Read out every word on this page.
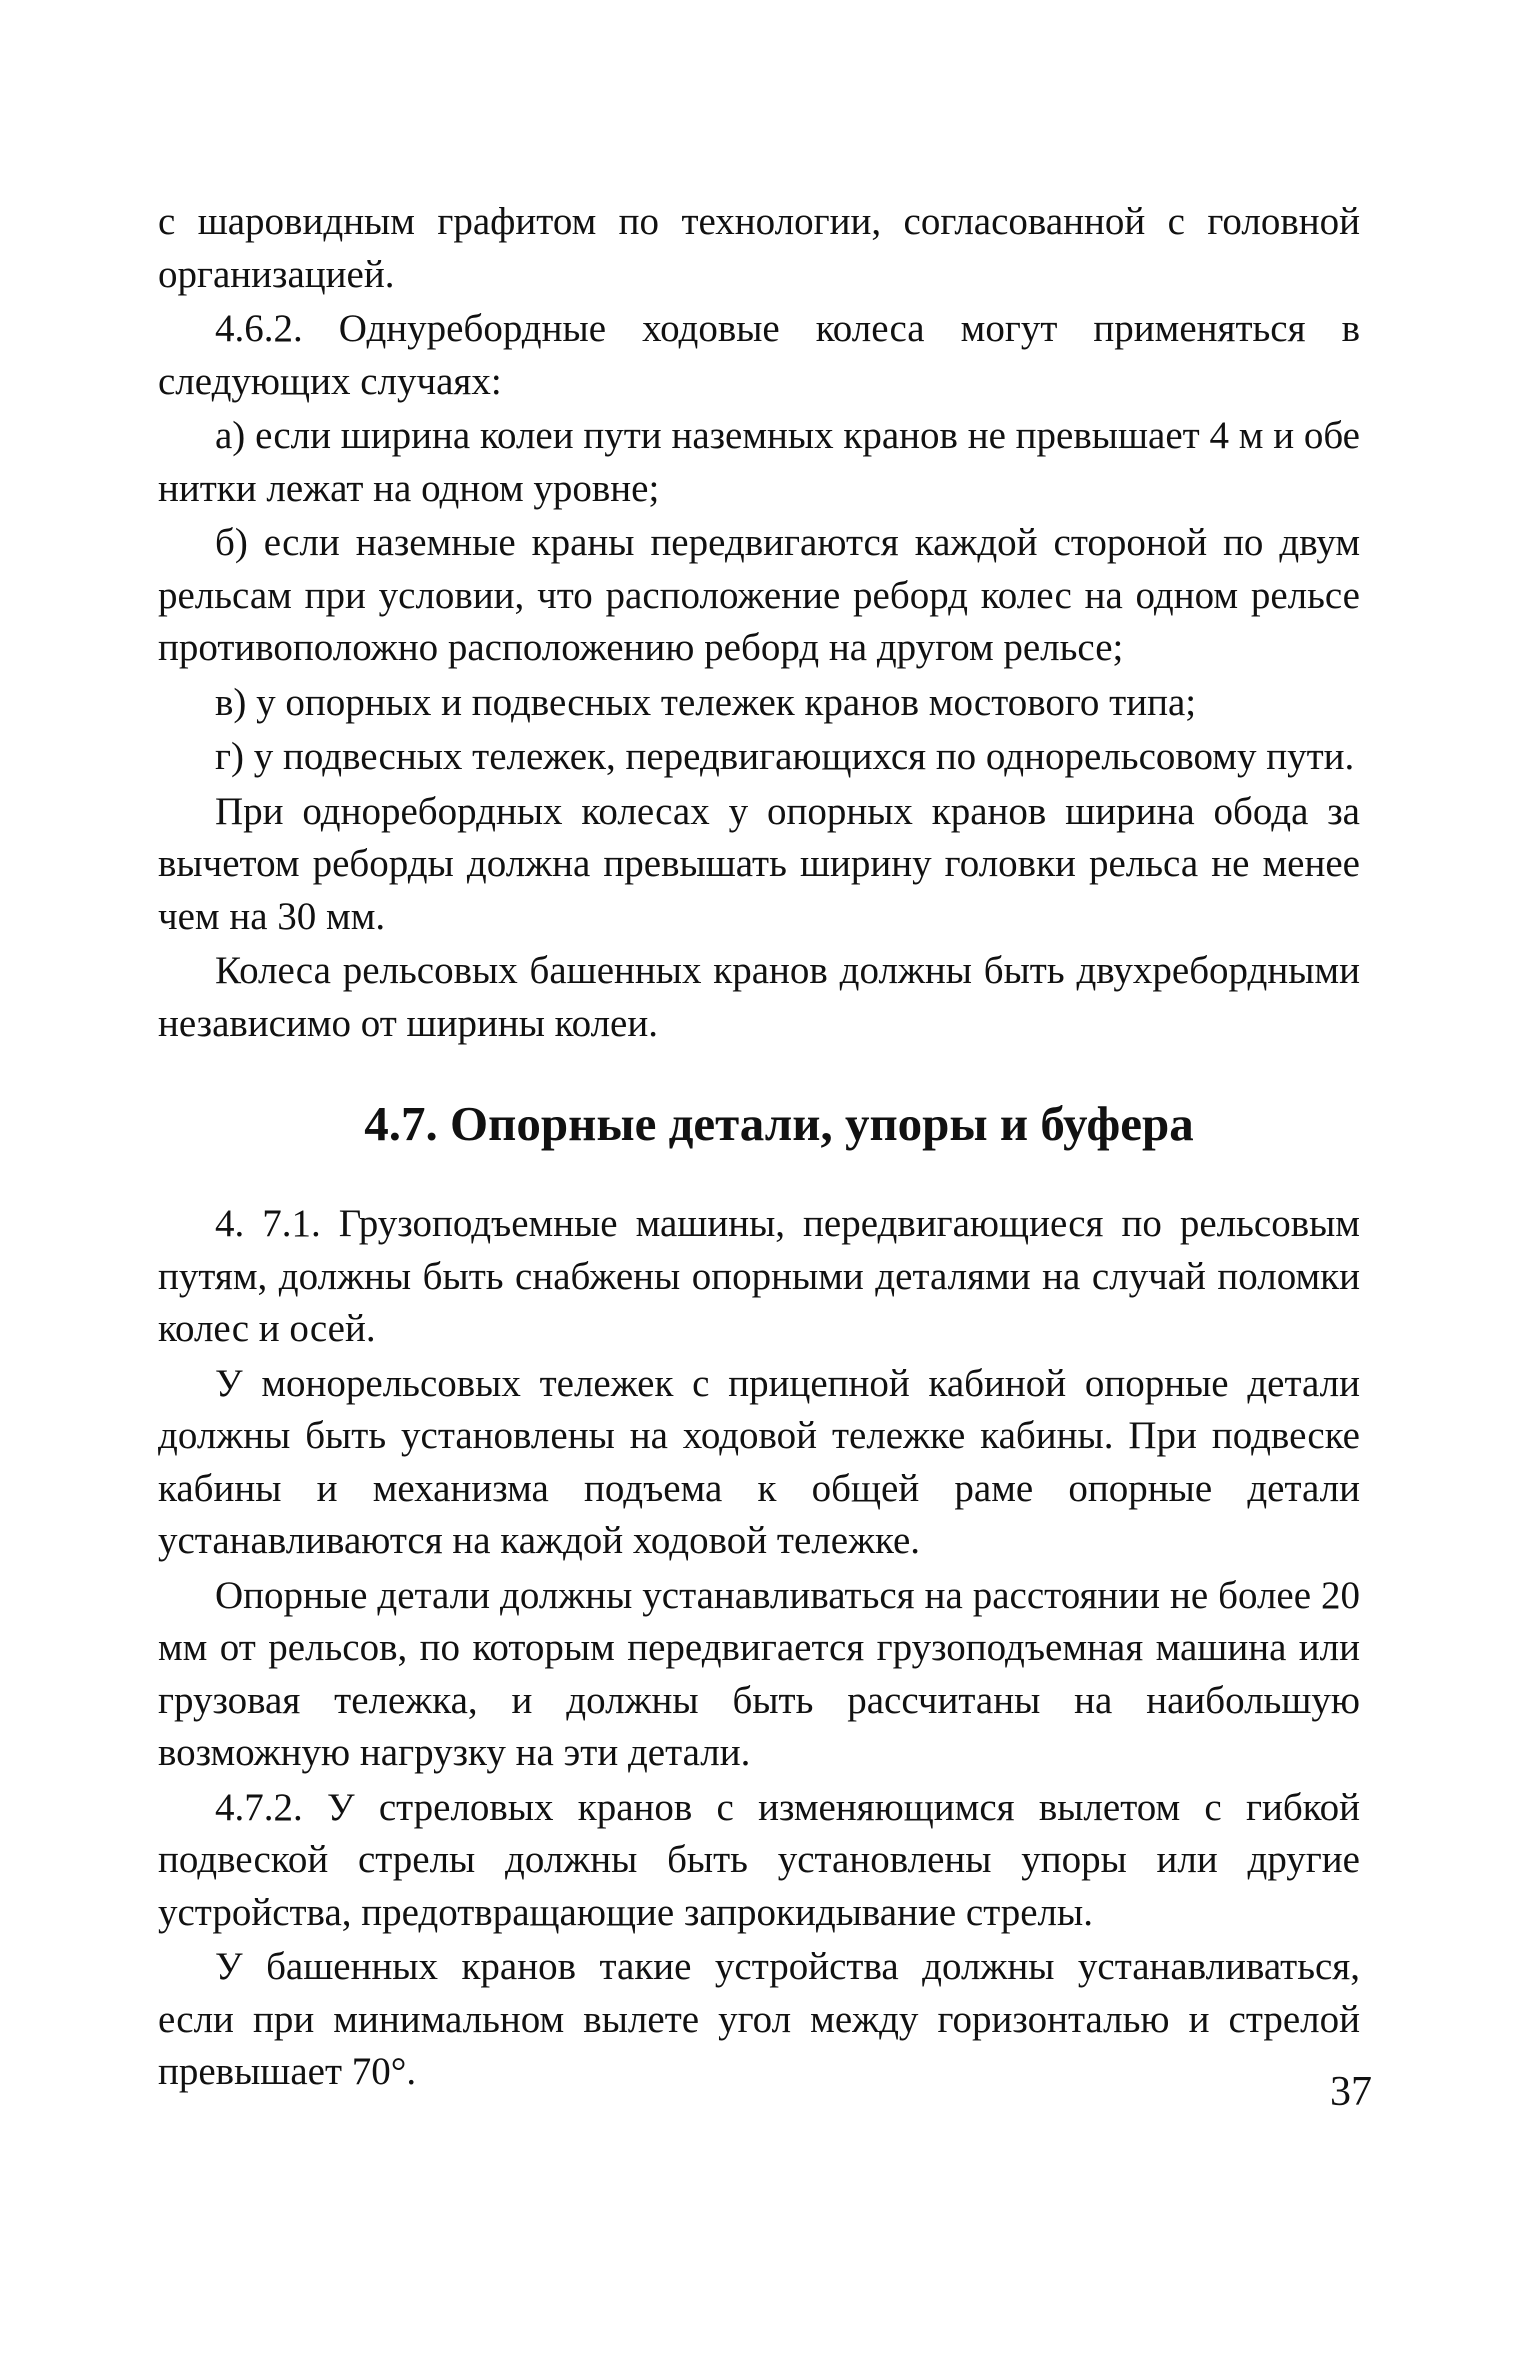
с шаровидным графитом по технологии, согласованной с головной организацией.

4.6.2. Однуребордные ходовые колеса могут применяться в следующих случаях:

а) если ширина колеи пути наземных кранов не превышает 4 м и обе нитки лежат на одном уровне;

б) если наземные краны передвигаются каждой стороной по двум рельсам при условии, что расположение реборд колес на одном рельсе противоположно расположению реборд на другом рельсе;

в) у опорных и подвесных тележек кранов мостового типа;

г) у подвесных тележек, передвигающихся по однорельсовому пути.

При одноребордных колесах у опорных кранов ширина обода за вычетом реборды должна превышать ширину головки рельса не менее чем на 30 мм.

Колеса рельсовых башенных кранов должны быть двухребордными независимо от ширины колеи.

4.7. Опорные детали, упоры и буфера

4. 7.1. Грузоподъемные машины, передвигающиеся по рельсовым путям, должны быть снабжены опорными деталями на случай поломки колес и осей.

У монорельсовых тележек с прицепной кабиной опорные детали должны быть установлены на ходовой тележке кабины. При подвеске кабины и механизма подъема к общей раме опорные детали устанавливаются на каждой ходовой тележке.

Опорные детали должны устанавливаться на расстоянии не более 20 мм от рельсов, по которым передвигается грузоподъемная машина или грузовая тележка, и должны быть рассчитаны на наибольшую возможную нагрузку на эти детали.

4.7.2. У стреловых кранов с изменяющимся вылетом с гибкой подвеской стрелы должны быть установлены упоры или другие устройства, предотвращающие запрокидывание стрелы.

У башенных кранов такие устройства должны устанавливаться, если при минимальном вылете угол между горизонталью и стрелой превышает 70°.	37
